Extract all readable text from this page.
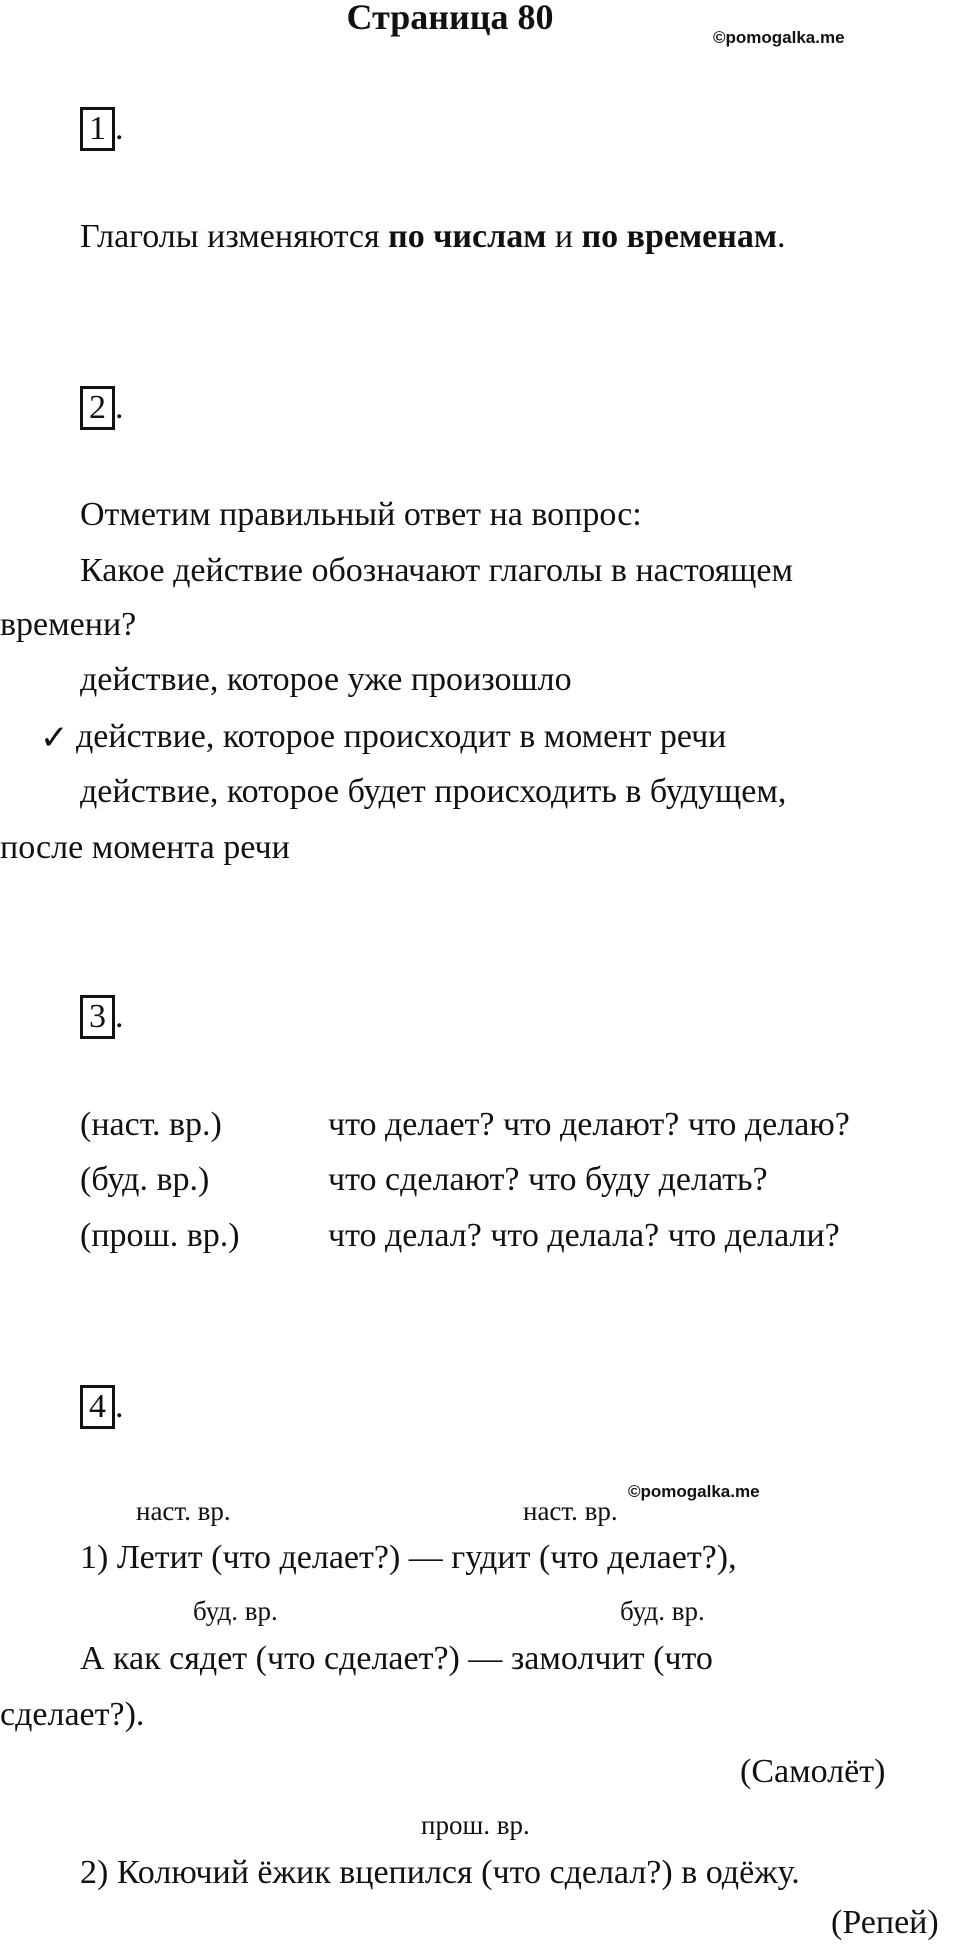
Страница 80
©pomogalka.me
1 .
Глаголы изменяются по числам и по временам.
2 .
Отметим правильный ответ на вопрос:
Какое действие обозначают глаголы в настоящем
времени?
действие, которое уже произошло
✓ действие, которое происходит в момент речи
действие, которое будет происходить в будущем,
после момента речи
3 .
(наст. вр.)	что делает? что делают? что делаю?
(буд. вр.)	что сделают? что буду делать?
(прош. вр.)	что делал? что делала? что делали?
4 .
©pomogalka.me
наст. вр.	наст. вр.
1) Летит (что делает?) — гудит (что делает?),
буд. вр.	буд. вр.
А как сядет (что сделает?) — замолчит (что
сделает?).
(Самолёт)
прош. вр.
2) Колючий ёжик вцепился (что сделал?) в одёжу.
(Репей)
